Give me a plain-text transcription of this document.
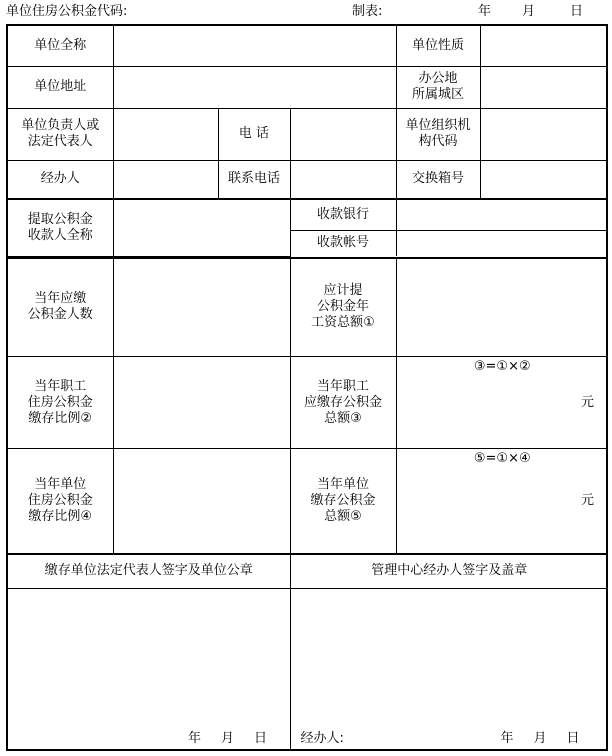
单位住房公积金代码:	制表:	年 月	日
单位全称		单位性质	
单位地址		办公地
所属城区	
单位负责人或
法定代表人		电 话		单位组织机
构代码	
经办人		联系电话		交换箱号	

提取公积金
收款人全称		收款银行	
收款帐号	

当年应缴
公积金人数		应计提
公积金年
工资总额①	
当年职工
住房公积金
缴存比例②		当年职工
应缴存公积金
总额③	
③=①×②
元

当年单位
住房公积金
缴存比例④		当年单位
缴存公积金
总额⑤	
⑤=①×④
元

缴存单位法定代表人签字及单位公章	管理中心经办人签字及盖章

年 月 日	经办人:	年 月 日
